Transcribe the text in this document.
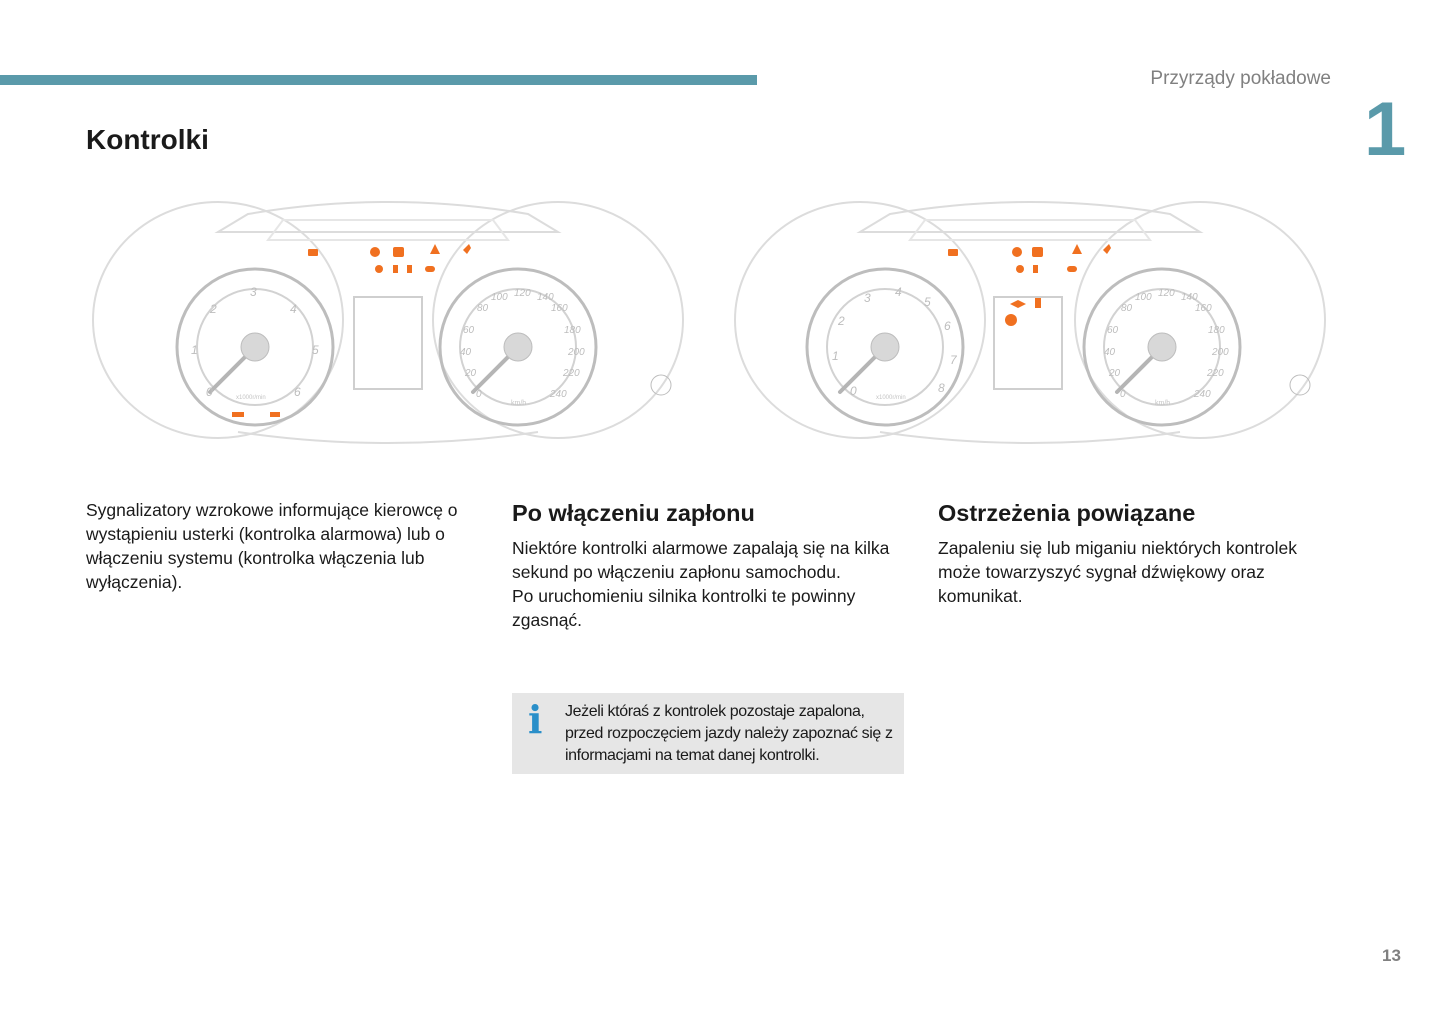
Przyrządy pokładowe
1
Kontrolki
0
1
2
3
4
5
6
x1000r/min	0
20
40
60
80
100 120 140
160
180
200
220
240
km/h
0
1
2
3 4
5
6
7
8
x1000r/min	0
20
40
60
80
100 120 140
160
180
200
220
240
km/h

Sygnalizatory wzrokowe informujące kierowcę o wystąpieniu usterki (kontrolka alarmowa) lub o włączeniu systemu (kontrolka włączenia lub wyłączenia).

Po włączeniu zapłonu

Niektóre kontrolki alarmowe zapalają się na kilka sekund po włączeniu zapłonu samochodu.

Po uruchomieniu silnika kontrolki te powinny zgasnąć.

Ostrzeżenia powiązane

Zapaleniu się lub miganiu niektórych kontrolek może towarzyszyć sygnał dźwiękowy oraz komunikat.

i Jeżeli któraś z kontrolek pozostaje zapalona, przed rozpoczęciem jazdy należy zapoznać się z informacjami na temat danej kontrolki.
13
